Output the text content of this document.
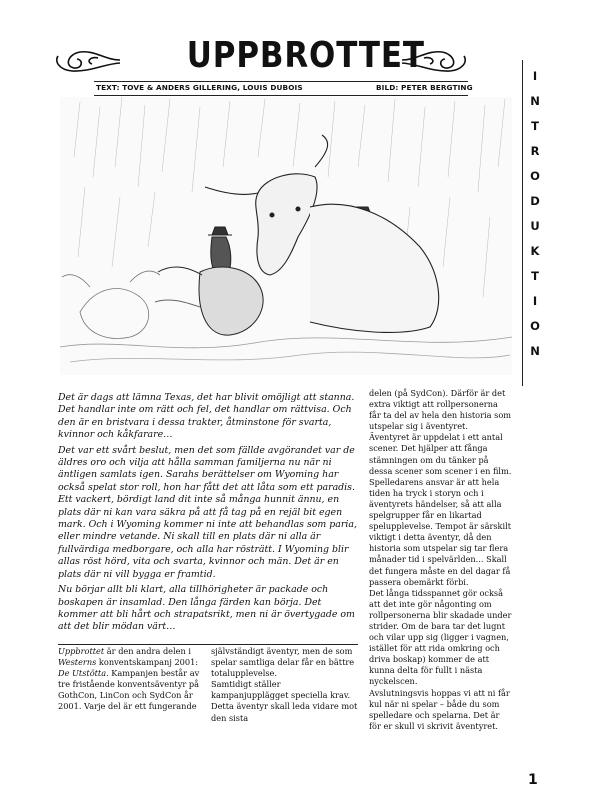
UPPBROTTET
TEXT: TOVE & ANDERS GILLERING, LOUIS DUBOIS	BILD: PETER BERGTING
I
N
T
R
O
D
U
K
T
I
O
N

Det är dags att lämna Texas, det har blivit omöjligt att stanna. Det handlar inte om rätt och fel, det handlar om rättvisa. Och den är en bristvara i dessa trakter, åtminstone för svarta, kvinnor och kåkfarare…

Det var ett svårt beslut, men det som fällde avgörandet var de äldres oro och vilja att hålla samman familjerna nu när ni äntligen samlats igen. Sarahs berättelser om Wyoming har också spelat stor roll, hon har fått det att låta som ett paradis. Ett vackert, bördigt land dit inte så många hunnit ännu, en plats där ni kan vara säkra på att få tag på en rejäl bit egen mark. Och i Wyoming kommer ni inte att behandlas som paria, eller mindre vetande. Ni skall till en plats där ni alla är fullvärdiga medborgare, och alla har rösträtt. I Wyoming blir allas röst hörd, vita och svarta, kvinnor och män. Det är en plats där ni vill bygga er framtid.

Nu börjar allt bli klart, alla tillhörigheter är packade och boskapen är insamlad. Den långa färden kan börja. Det kommer att bli hårt och strapatsrikt, men ni är övertygade om att det blir mödan värt…

Uppbrottet är den andra delen i Westerns konventskampanj 2001: De Utstötta. Kampanjen består av tre fristående konventsäventyr på GothCon, LinCon och SydCon år 2001. Varje del är ett fungerande

självständigt äventyr, men de som spelar samtliga delar får en bättre totalupplevelse.

Samtidigt ställer kampanjupplägget speciella krav. Detta äventyr skall leda vidare mot den sista

delen (på SydCon). Därför är det extra viktigt att rollpersonerna får ta del av hela den historia som utspelar sig i äventyret.

Äventyret är uppdelat i ett antal scener. Det hjälper att fånga stämningen om du tänker på dessa scener som scener i en film.

Spelledarens ansvar är att hela tiden ha tryck i storyn och i äventyrets händelser, så att alla spelgrupper får en likartad spelupplevelse. Tempot är särskilt viktigt i detta äventyr, då den historia som utspelar sig tar flera månader tid i spelvärlden... Skall det fungera måste en del dagar få passera obemärkt förbi.

Det långa tidsspannet gör också att det inte gör någonting om rollpersonerna blir skadade under strider. Om de bara tar det lugnt och vilar upp sig (ligger i vagnen, istället för att rida omkring och driva boskap) kommer de att kunna delta för fullt i nästa nyckelscen.

Avslutningsvis hoppas vi att ni får kul när ni spelar – både du som spelledare och spelarna. Det är för er skull vi skrivit äventyret.

1
